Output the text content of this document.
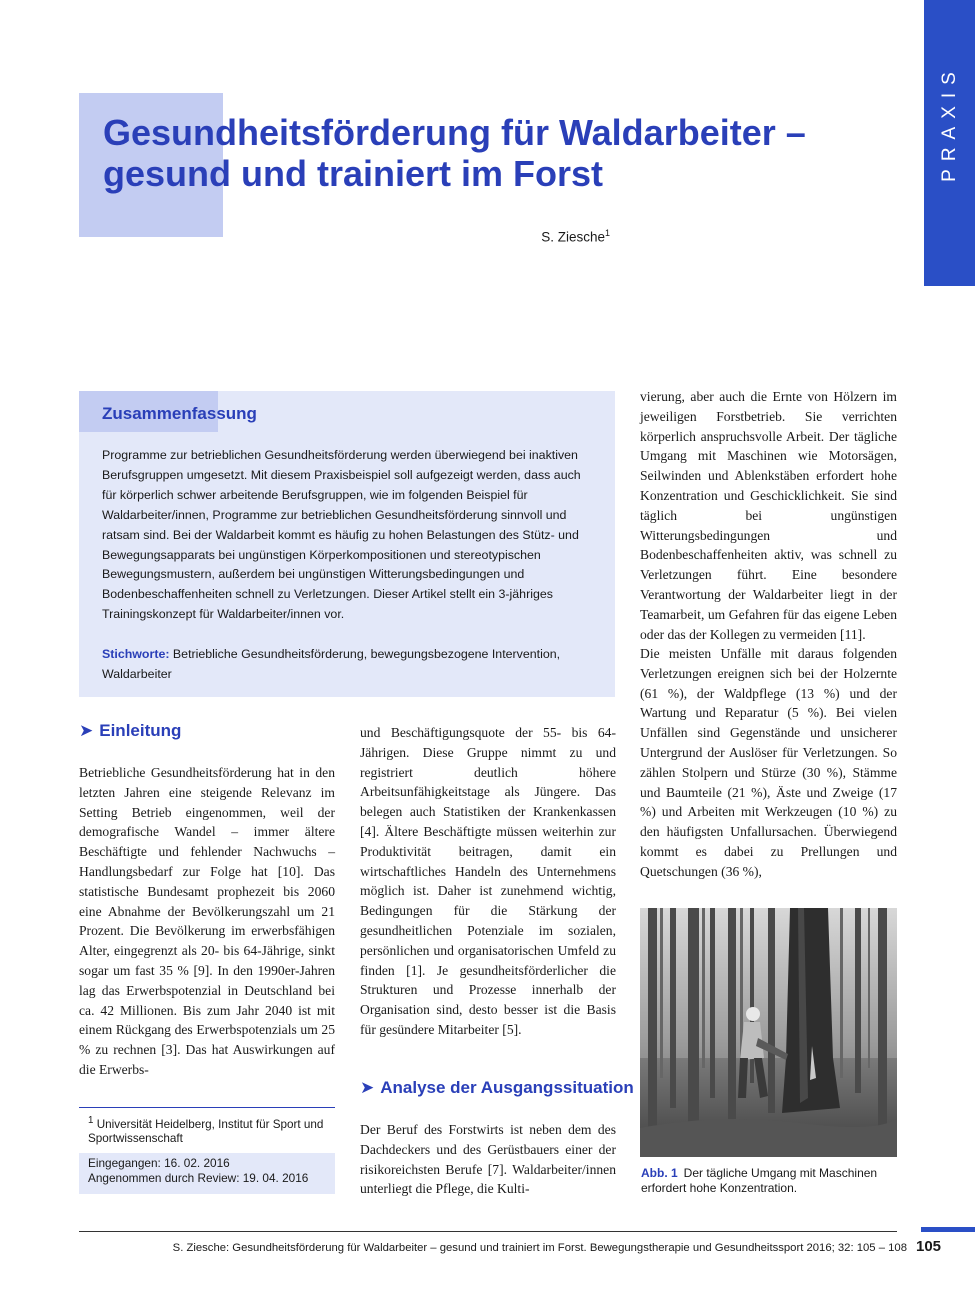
PRAXIS
Gesundheitsförderung für Waldarbeiter – gesund und trainiert im Forst
S. Ziesche$^1$
Zusammenfassung

Programme zur betrieblichen Gesundheitsförderung werden überwiegend bei inaktiven Berufsgruppen umgesetzt. Mit diesem Praxisbeispiel soll aufgezeigt werden, dass auch für körperlich schwer arbeitende Berufsgruppen, wie im folgenden Beispiel für Waldarbeiter/innen, Programme zur betrieblichen Gesundheitsförderung sinnvoll und ratsam sind. Bei der Waldarbeit kommt es häufig zu hohen Belastungen des Stütz- und Bewegungsapparats bei ungünstigen Körperkompositionen und stereotypischen Bewegungsmustern, außerdem bei ungünstigen Witterungsbedingungen und Bodenbeschaffenheiten schnell zu Verletzungen. Dieser Artikel stellt ein 3-jähriges Trainingskonzept für Waldarbeiter/innen vor.

Stichworte: Betriebliche Gesundheitsförderung, bewegungsbezogene Intervention, Waldarbeiter

➤ Einleitung

Betriebliche Gesundheitsförderung hat in den letzten Jahren eine steigende Relevanz im Setting Betrieb eingenommen, weil der demografische Wandel – immer ältere Beschäftigte und fehlender Nachwuchs – Handlungsbedarf zur Folge hat [10]. Das statistische Bundesamt prophezeit bis 2060 eine Abnahme der Bevölkerungszahl um 21 Prozent. Die Bevölkerung im erwerbsfähigen Alter, eingegrenzt als 20- bis 64-Jährige, sinkt sogar um fast 35 % [9]. In den 1990er-Jahren lag das Erwerbspotenzial in Deutschland bei ca. 42 Millionen. Bis zum Jahr 2040 ist mit einem Rückgang des Erwerbspotenzials um 25 % zu rechnen [3]. Das hat Auswirkungen auf die Erwerbs-

$^1$ Universität Heidelberg, Institut für Sport und Sportwissenschaft

Eingegangen: 16. 02. 2016
Angenommen durch Review: 19. 04. 2016

und Beschäftigungsquote der 55- bis 64-Jährigen. Diese Gruppe nimmt zu und registriert deutlich höhere Arbeitsunfähigkeitstage als Jüngere. Das belegen auch Statistiken der Krankenkassen [4]. Ältere Beschäftigte müssen weiterhin zur Produktivität beitragen, damit ein wirtschaftliches Handeln des Unternehmens möglich ist. Daher ist zunehmend wichtig, Bedingungen für die Stärkung der gesundheitlichen Potenziale im sozialen, persönlichen und organisatorischen Umfeld zu finden [1]. Je gesundheitsförderlicher die Strukturen und Prozesse innerhalb der Organisation sind, desto besser ist die Basis für gesündere Mitarbeiter [5].

➤ Analyse der Ausgangssituation

Der Beruf des Forstwirts ist neben dem des Dachdeckers und des Gerüstbauers einer der risikoreichsten Berufe [7]. Waldarbeiter/innen unterliegt die Pflege, die Kulti-

vierung, aber auch die Ernte von Hölzern im jeweiligen Forstbetrieb. Sie verrichten körperlich anspruchsvolle Arbeit. Der tägliche Umgang mit Maschinen wie Motorsägen, Seilwinden und Ablenkstäben erfordert hohe Konzentration und Geschicklichkeit. Sie sind täglich bei ungünstigen Witterungsbedingungen und Bodenbeschaffenheiten aktiv, was schnell zu Verletzungen führt. Eine besondere Verantwortung der Waldarbeiter liegt in der Teamarbeit, um Gefahren für das eigene Leben oder das der Kollegen zu vermeiden [11].

Die meisten Unfälle mit daraus folgenden Verletzungen ereignen sich bei der Holzernte (61 %), der Waldpflege (13 %) und der Wartung und Reparatur (5 %). Bei vielen Unfällen sind Gegenstände und unsicherer Untergrund der Auslöser für Verletzungen. So zählen Stolpern und Stürze (30 %), Stämme und Baumteile (21 %), Äste und Zweige (17 %) und Arbeiten mit Werkzeugen (10 %) zu den häufigsten Unfallursachen. Überwiegend kommt es dabei zu Prellungen und Quetschungen (36 %),

Abb. 1 Der tägliche Umgang mit Maschinen erfordert hohe Konzentration.

S. Ziesche: Gesundheitsförderung für Waldarbeiter – gesund und trainiert im Forst. Bewegungstherapie und Gesundheitssport 2016; 32: 105 – 108 105
